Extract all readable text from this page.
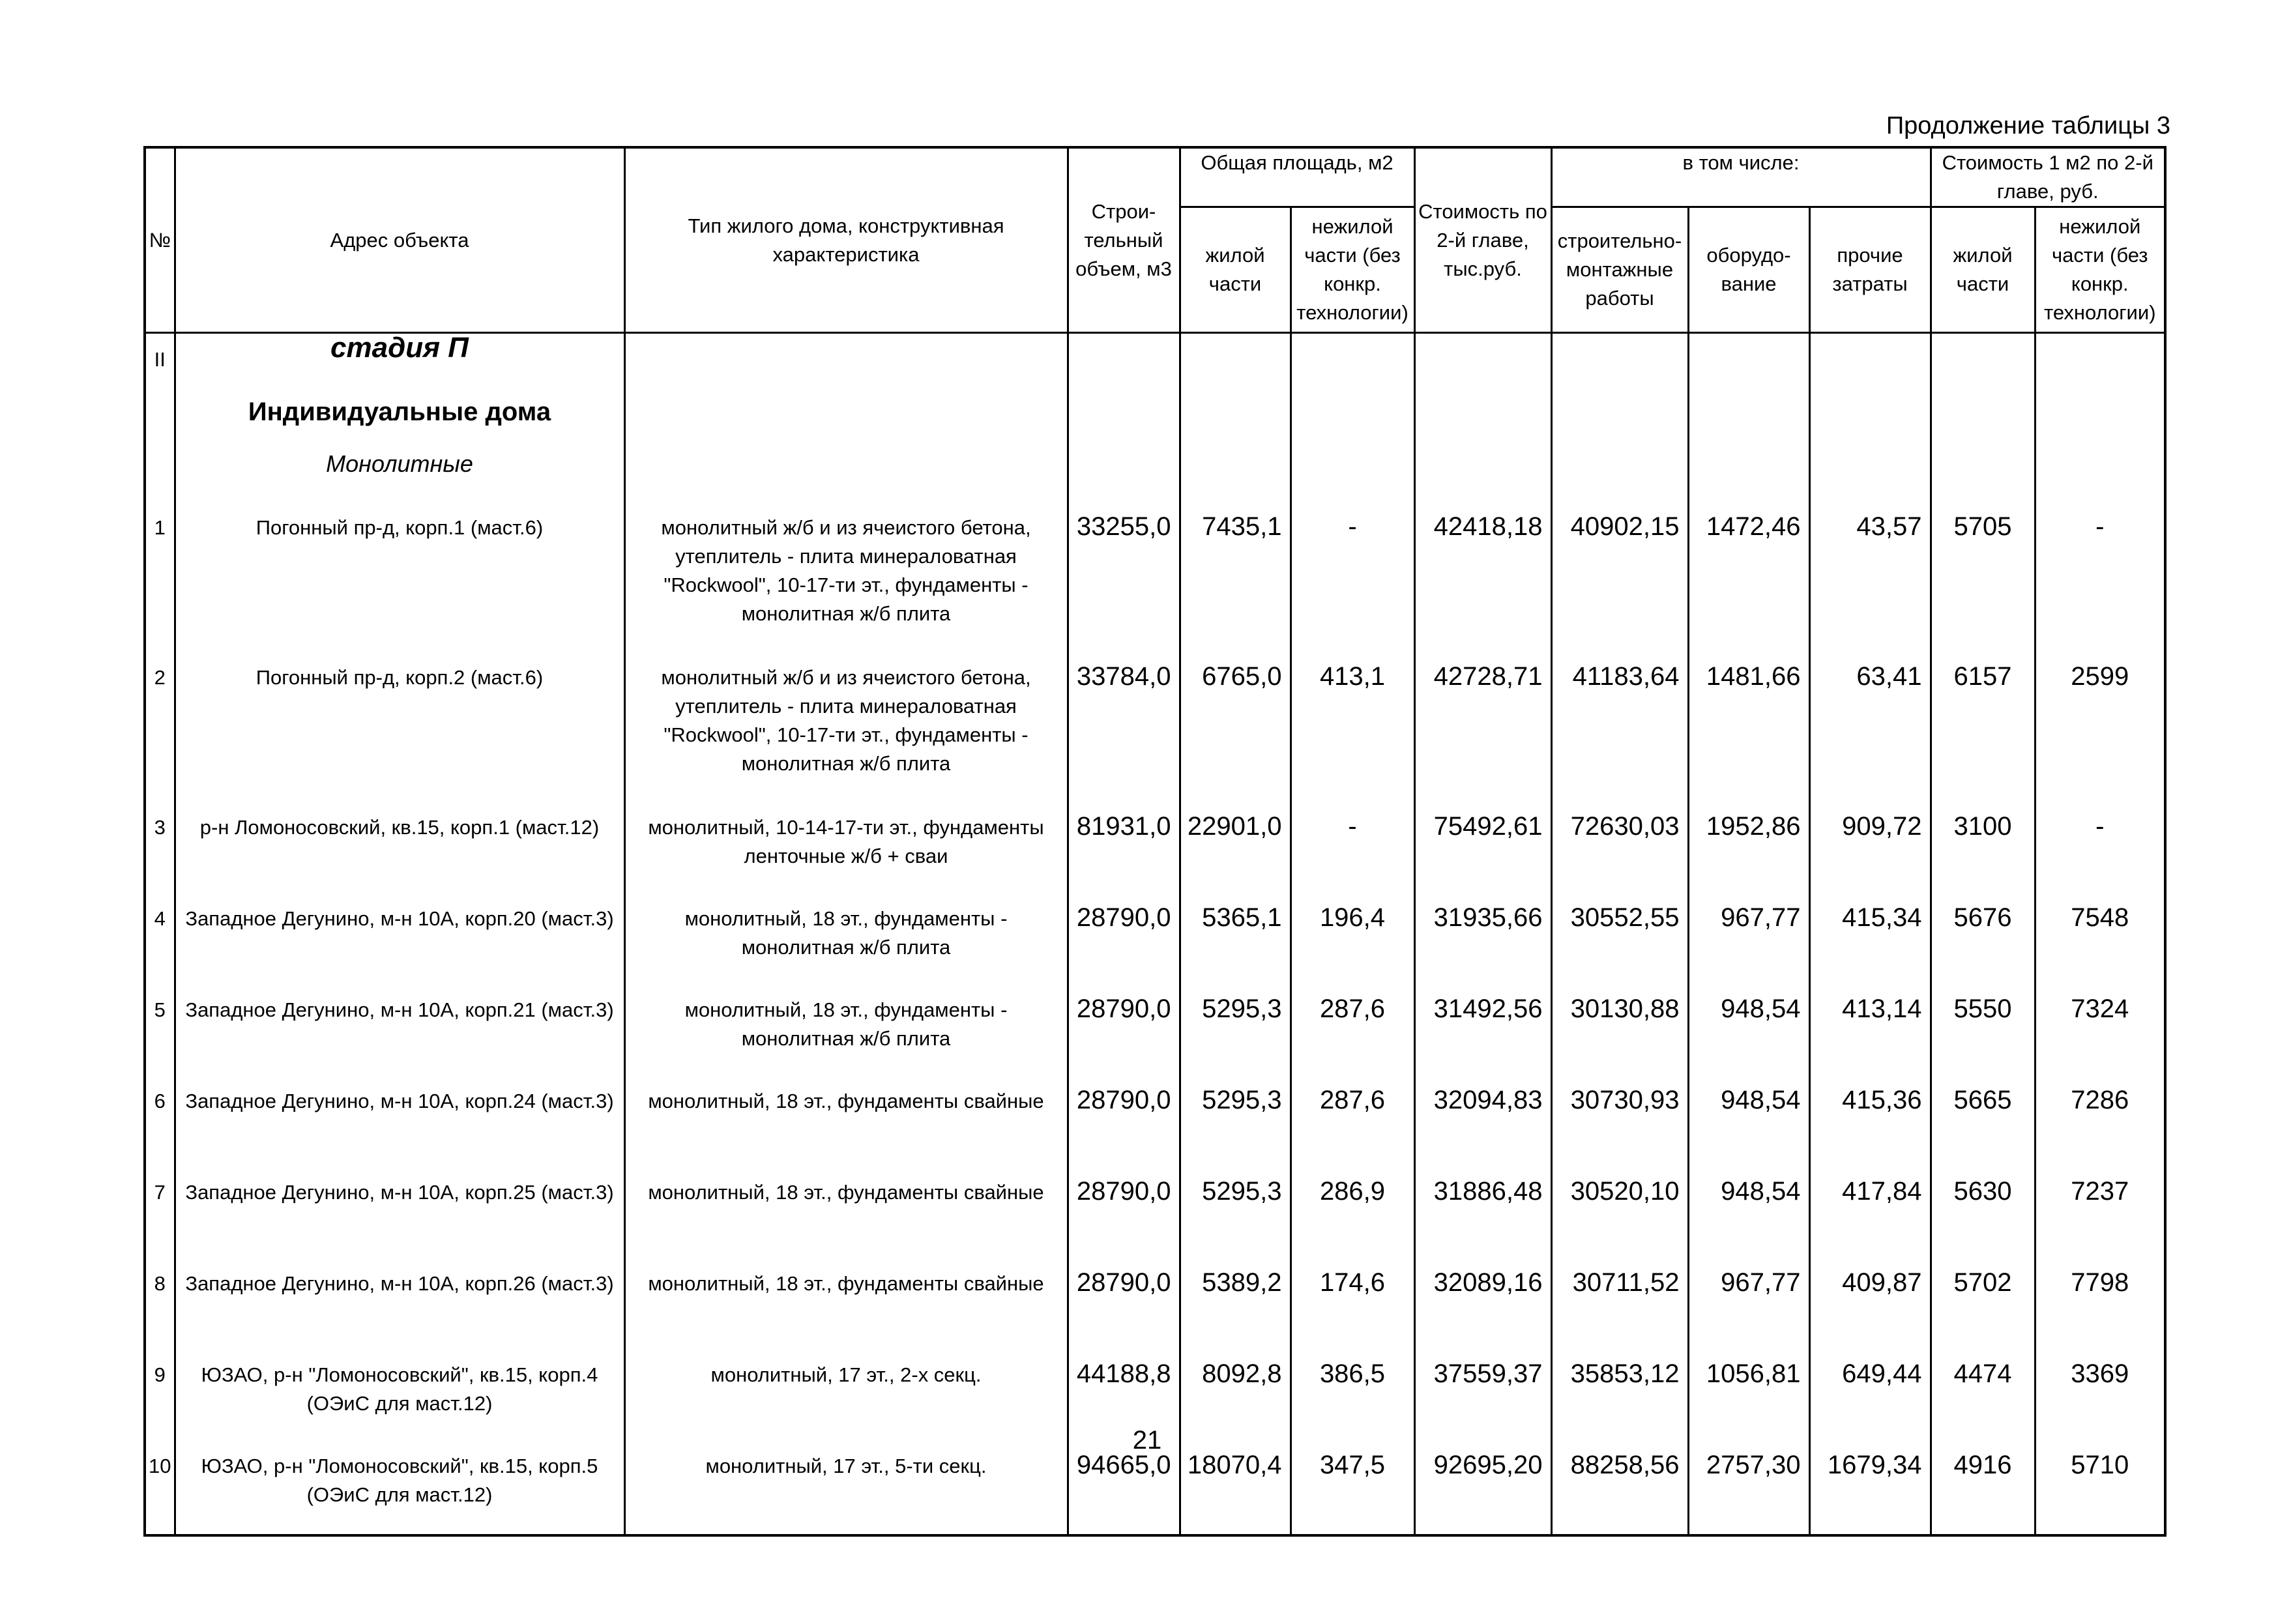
Продолжение таблицы 3
№	Адрес объекта	Тип жилого дома, конструктивная характеристика	Строи- тельный объем, м3	Общая площадь, м2		Стоимость по 2-й главе, тыс.руб.	в том числе:			Стоимость 1 м2 по 2-й главе, руб.	
				жилой части	нежилой части (без конкр. технологии)		строительно- монтажные работы	оборудо- вание	прочие затраты	жилой части	нежилой части (без конкр. технологии)
II	стадия П										
	Индивидуальные дома										
	Монолитные										
1	Погонный пр-д, корп.1 (маст.6)	монолитный ж/б и из ячеистого бетона, утеплитель - плита минераловатная "Rockwool", 10-17-ти эт., фундаменты - монолитная ж/б плита	33255,0	7435,1	-	42418,18	40902,15	1472,46	43,57	5705	-
2	Погонный пр-д, корп.2 (маст.6)	монолитный ж/б и из ячеистого бетона, утеплитель - плита минераловатная "Rockwool", 10-17-ти эт., фундаменты - монолитная ж/б плита	33784,0	6765,0	413,1	42728,71	41183,64	1481,66	63,41	6157	2599
3	р-н Ломоносовский, кв.15, корп.1 (маст.12)	монолитный, 10-14-17-ти эт., фундаменты ленточные ж/б + сваи	81931,0	22901,0	-	75492,61	72630,03	1952,86	909,72	3100	-
4	Западное Дегунино, м-н 10А, корп.20 (маст.3)	монолитный, 18 эт., фундаменты - монолитная ж/б плита	28790,0	5365,1	196,4	31935,66	30552,55	967,77	415,34	5676	7548
5	Западное Дегунино, м-н 10А, корп.21 (маст.3)	монолитный, 18 эт., фундаменты - монолитная ж/б плита	28790,0	5295,3	287,6	31492,56	30130,88	948,54	413,14	5550	7324
6	Западное Дегунино, м-н 10А, корп.24 (маст.3)	монолитный, 18 эт., фундаменты свайные	28790,0	5295,3	287,6	32094,83	30730,93	948,54	415,36	5665	7286
7	Западное Дегунино, м-н 10А, корп.25 (маст.3)	монолитный, 18 эт., фундаменты свайные	28790,0	5295,3	286,9	31886,48	30520,10	948,54	417,84	5630	7237
8	Западное Дегунино, м-н 10А, корп.26 (маст.3)	монолитный, 18 эт., фундаменты свайные	28790,0	5389,2	174,6	32089,16	30711,52	967,77	409,87	5702	7798
9	ЮЗАО, р-н "Ломоносовский", кв.15, корп.4 (ОЭиС для маст.12)	монолитный, 17 эт., 2-х секц.	44188,8	8092,8	386,5	37559,37	35853,12	1056,81	649,44	4474	3369
10	ЮЗАО, р-н "Ломоносовский", кв.15, корп.5 (ОЭиС для маст.12)	монолитный, 17 эт., 5-ти секц.	94665,0	18070,4	347,5	92695,20	88258,56	2757,30	1679,34	4916	5710
21
